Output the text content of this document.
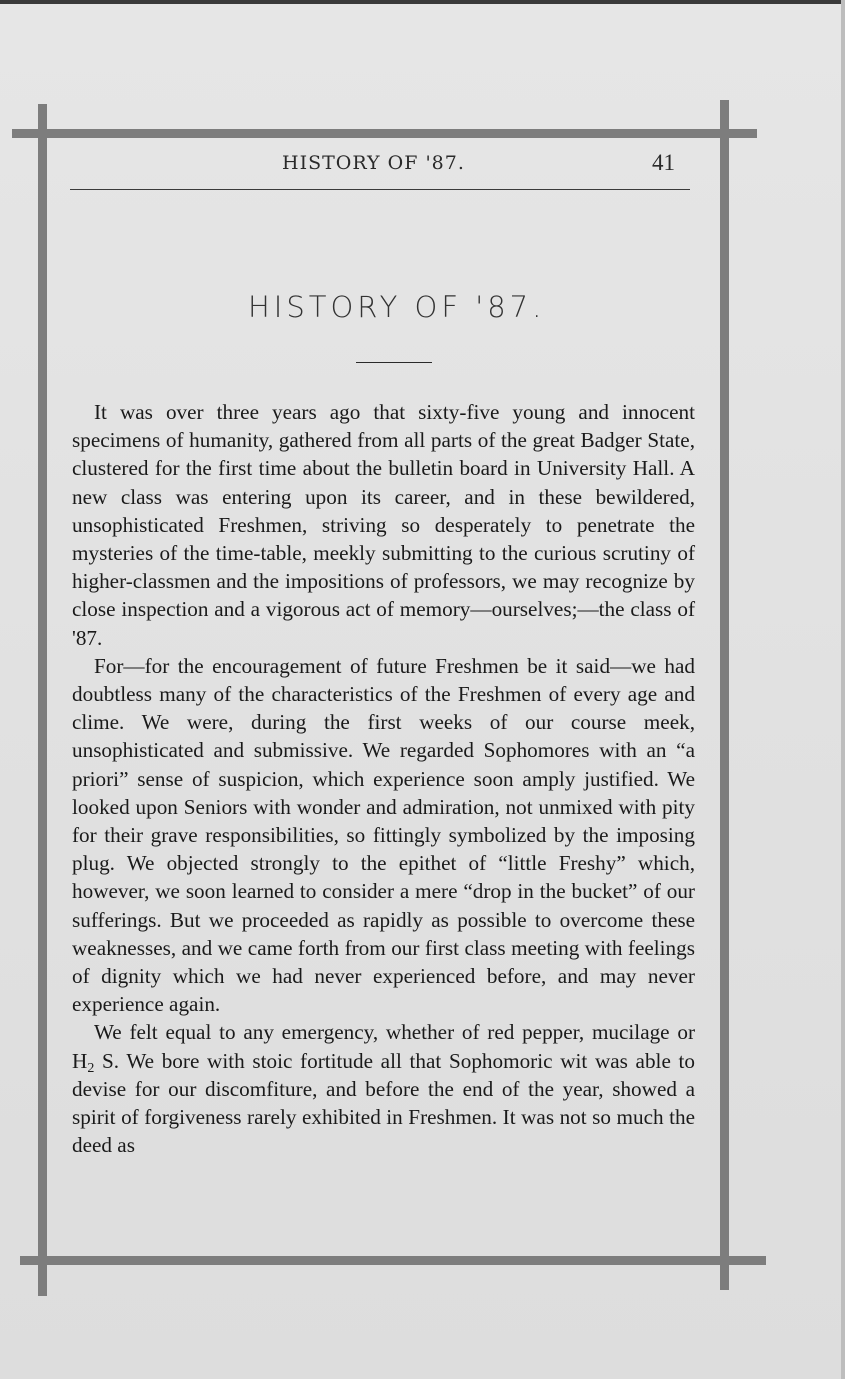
HISTORY OF '87.	41
HISTORY OF '87.

It was over three years ago that sixty-five young and innocent specimens of humanity, gathered from all parts of the great Badger State, clustered for the first time about the bulletin board in University Hall. A new class was entering upon its career, and in these bewildered, unsophisticated Freshmen, striving so desperately to penetrate the mysteries of the time-table, meekly submitting to the curious scrutiny of higher-classmen and the impositions of professors, we may recognize by close inspection and a vigorous act of memory—ourselves;—the class of '87.

For—for the encouragement of future Freshmen be it said—we had doubtless many of the characteristics of the Freshmen of every age and clime. We were, during the first weeks of our course meek, unsophisticated and submissive. We regarded Sophomores with an “a priori” sense of suspicion, which experience soon amply justified. We looked upon Seniors with wonder and admiration, not unmixed with pity for their grave responsibilities, so fittingly symbolized by the imposing plug. We objected strongly to the epithet of “little Freshy” which, however, we soon learned to consider a mere “drop in the bucket” of our sufferings. But we proceeded as rapidly as possible to overcome these weaknesses, and we came forth from our first class meeting with feelings of dignity which we had never experienced before, and may never experience again.

We felt equal to any emergency, whether of red pepper, mucilage or $H_2$ S. We bore with stoic fortitude all that Sophomoric wit was able to devise for our discomfiture, and before the end of the year, showed a spirit of forgiveness rarely exhibited in Freshmen. It was not so much the deed as
